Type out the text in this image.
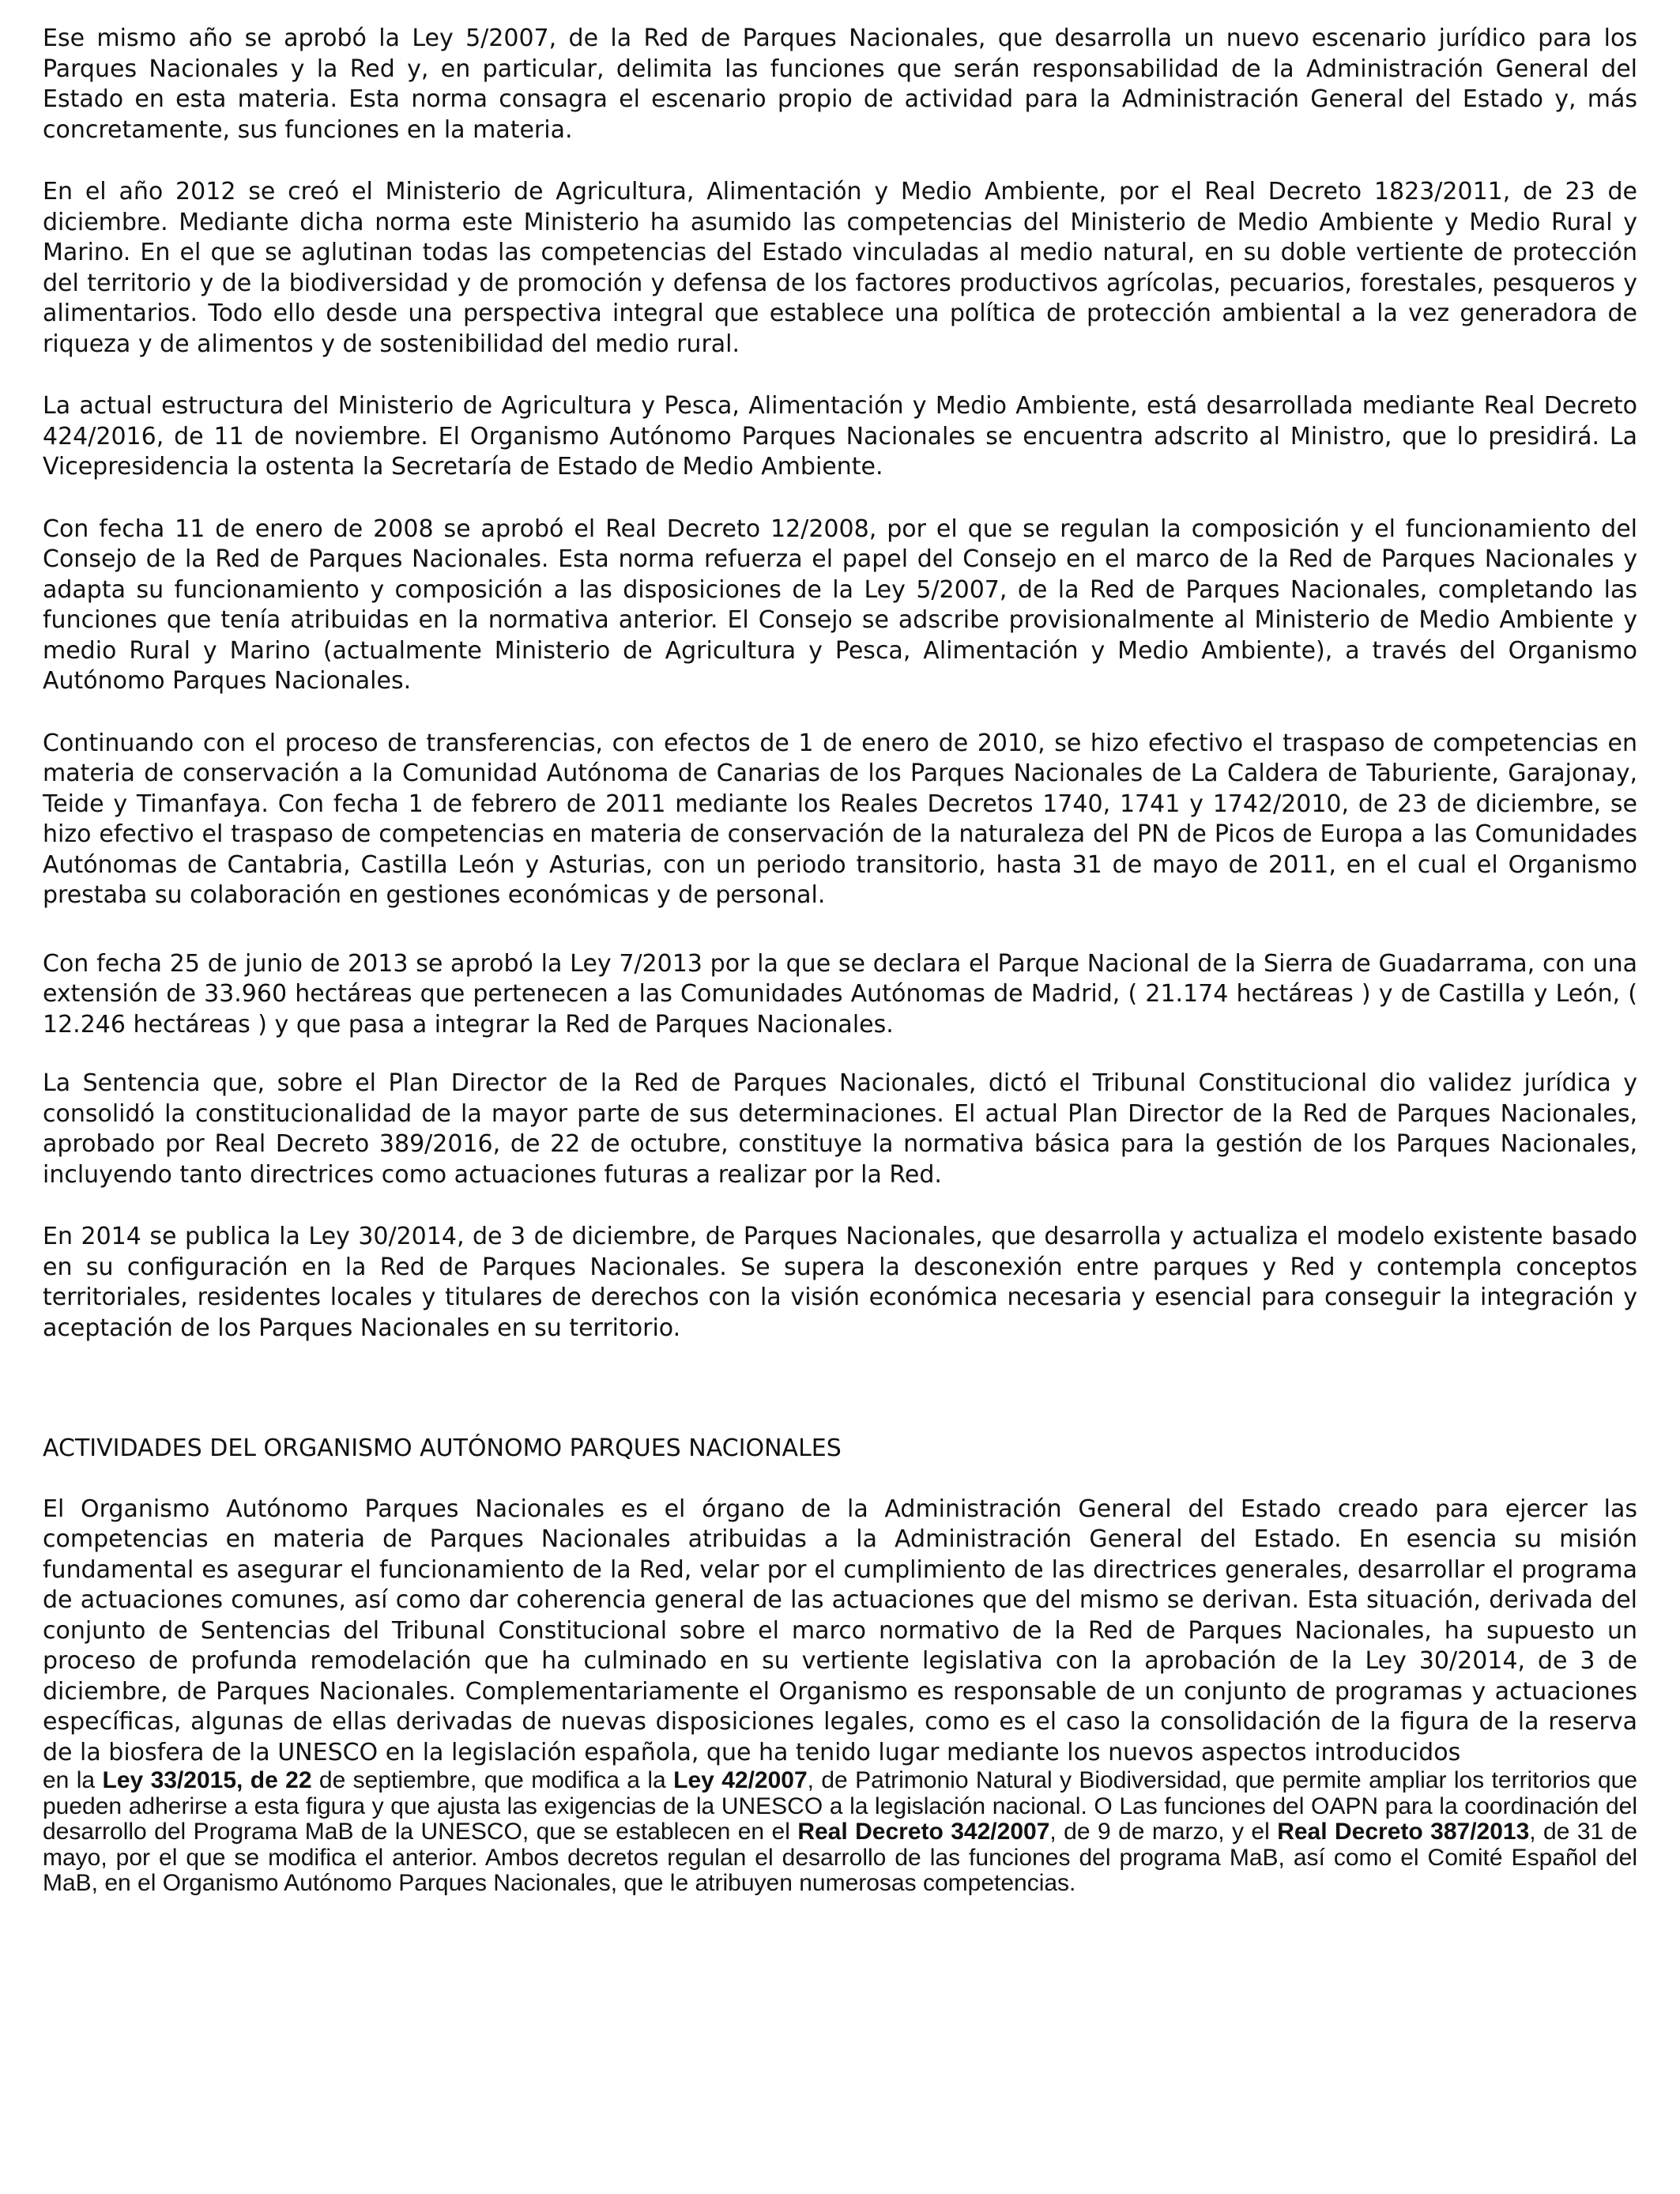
Ese mismo año se aprobó la Ley 5/2007, de la Red de Parques Nacionales, que desarrolla un nuevo escenario jurídico para los Parques Nacionales y la Red y, en particular, delimita las funciones que serán responsabilidad de la Administración General del Estado en esta materia. Esta norma consagra el escenario propio de actividad para la Administración General del Estado y, más concretamente, sus funciones en la materia.

En el año 2012 se creó el Ministerio de Agricultura, Alimentación y Medio Ambiente, por el Real Decreto 1823/2011, de 23 de diciembre. Mediante dicha norma este Ministerio ha asumido las competencias del Ministerio de Medio Ambiente y Medio Rural y Marino. En el que se aglutinan todas las competencias del Estado vinculadas al medio natural, en su doble vertiente de protección del territorio y de la biodiversidad y de promoción y defensa de los factores productivos agrícolas, pecuarios, forestales, pesqueros y alimentarios. Todo ello desde una perspectiva integral que establece una política de protección ambiental a la vez generadora de riqueza y de alimentos y de sostenibilidad del medio rural.

La actual estructura del Ministerio de Agricultura y Pesca, Alimentación y Medio Ambiente, está desarrollada mediante Real Decreto 424/2016, de 11 de noviembre. El Organismo Autónomo Parques Nacionales se encuentra adscrito al Ministro, que lo presidirá. La Vicepresidencia la ostenta la Secretaría de Estado de Medio Ambiente.

Con fecha 11 de enero de 2008 se aprobó el Real Decreto 12/2008, por el que se regulan la composición y el funcionamiento del Consejo de la Red de Parques Nacionales. Esta norma refuerza el papel del Consejo en el marco de la Red de Parques Nacionales y adapta su funcionamiento y composición a las disposiciones de la Ley 5/2007, de la Red de Parques Nacionales, completando las funciones que tenía atribuidas en la normativa anterior. El Consejo se adscribe provisionalmente al Ministerio de Medio Ambiente y medio Rural y Marino (actualmente Ministerio de Agricultura y Pesca, Alimentación y Medio Ambiente), a través del Organismo Autónomo Parques Nacionales.

Continuando con el proceso de transferencias, con efectos de 1 de enero de 2010, se hizo efectivo el traspaso de competencias en materia de conservación a la Comunidad Autónoma de Canarias de los Parques Nacionales de La Caldera de Taburiente, Garajonay, Teide y Timanfaya. Con fecha 1 de febrero de 2011 mediante los Reales Decretos 1740, 1741 y 1742/2010, de 23 de diciembre, se hizo efectivo el traspaso de competencias en materia de conservación de la naturaleza del PN de Picos de Europa a las Comunidades Autónomas de Cantabria, Castilla León y Asturias, con un periodo transitorio, hasta 31 de mayo de 2011, en el cual el Organismo prestaba su colaboración en gestiones económicas y de personal.

Con fecha 25 de junio de 2013 se aprobó la Ley 7/2013 por la que se declara el Parque Nacional de la Sierra de Guadarrama, con una extensión de 33.960 hectáreas que pertenecen a las Comunidades Autónomas de Madrid, ( 21.174 hectáreas ) y de Castilla y León, ( 12.246 hectáreas ) y que pasa a integrar la Red de Parques Nacionales.

La Sentencia que, sobre el Plan Director de la Red de Parques Nacionales, dictó el Tribunal Constitucional dio validez jurídica y consolidó la constitucionalidad de la mayor parte de sus determinaciones. El actual Plan Director de la Red de Parques Nacionales, aprobado por Real Decreto 389/2016, de 22 de octubre, constituye la normativa básica para la gestión de los Parques Nacionales, incluyendo tanto directrices como actuaciones futuras a realizar por la Red.

En 2014 se publica la Ley 30/2014, de 3 de diciembre, de Parques Nacionales, que desarrolla y actualiza el modelo existente basado en su configuración en la Red de Parques Nacionales. Se supera la desconexión entre parques y Red y contempla conceptos territoriales, residentes locales y titulares de derechos con la visión económica necesaria y esencial para conseguir la integración y aceptación de los Parques Nacionales en su territorio.

ACTIVIDADES DEL ORGANISMO AUTÓNOMO PARQUES NACIONALES

El Organismo Autónomo Parques Nacionales es el órgano de la Administración General del Estado creado para ejercer las competencias en materia de Parques Nacionales atribuidas a la Administración General del Estado. En esencia su misión fundamental es asegurar el funcionamiento de la Red, velar por el cumplimiento de las directrices generales, desarrollar el programa de actuaciones comunes, así como dar coherencia general de las actuaciones que del mismo se derivan. Esta situación, derivada del conjunto de Sentencias del Tribunal Constitucional sobre el marco normativo de la Red de Parques Nacionales, ha supuesto un proceso de profunda remodelación que ha culminado en su vertiente legislativa con la aprobación de la Ley 30/2014, de 3 de diciembre, de Parques Nacionales. Complementariamente el Organismo es responsable de un conjunto de programas y actuaciones específicas, algunas de ellas derivadas de nuevas disposiciones legales, como es el caso la consolidación de la figura de la reserva de la biosfera de la UNESCO en la legislación española, que ha tenido lugar mediante los nuevos aspectos introducidos

en la Ley 33/2015, de 22 de septiembre, que modifica a la Ley 42/2007, de Patrimonio Natural y Biodiversidad, que permite ampliar los territorios que pueden adherirse a esta figura y que ajusta las exigencias de la UNESCO a la legislación nacional. O Las funciones del OAPN para la coordinación del desarrollo del Programa MaB de la UNESCO, que se establecen en el Real Decreto 342/2007, de 9 de marzo, y el Real Decreto 387/2013, de 31 de mayo, por el que se modifica el anterior. Ambos decretos regulan el desarrollo de las funciones del programa MaB, así como el Comité Español del MaB, en el Organismo Autónomo Parques Nacionales, que le atribuyen numerosas competencias.
